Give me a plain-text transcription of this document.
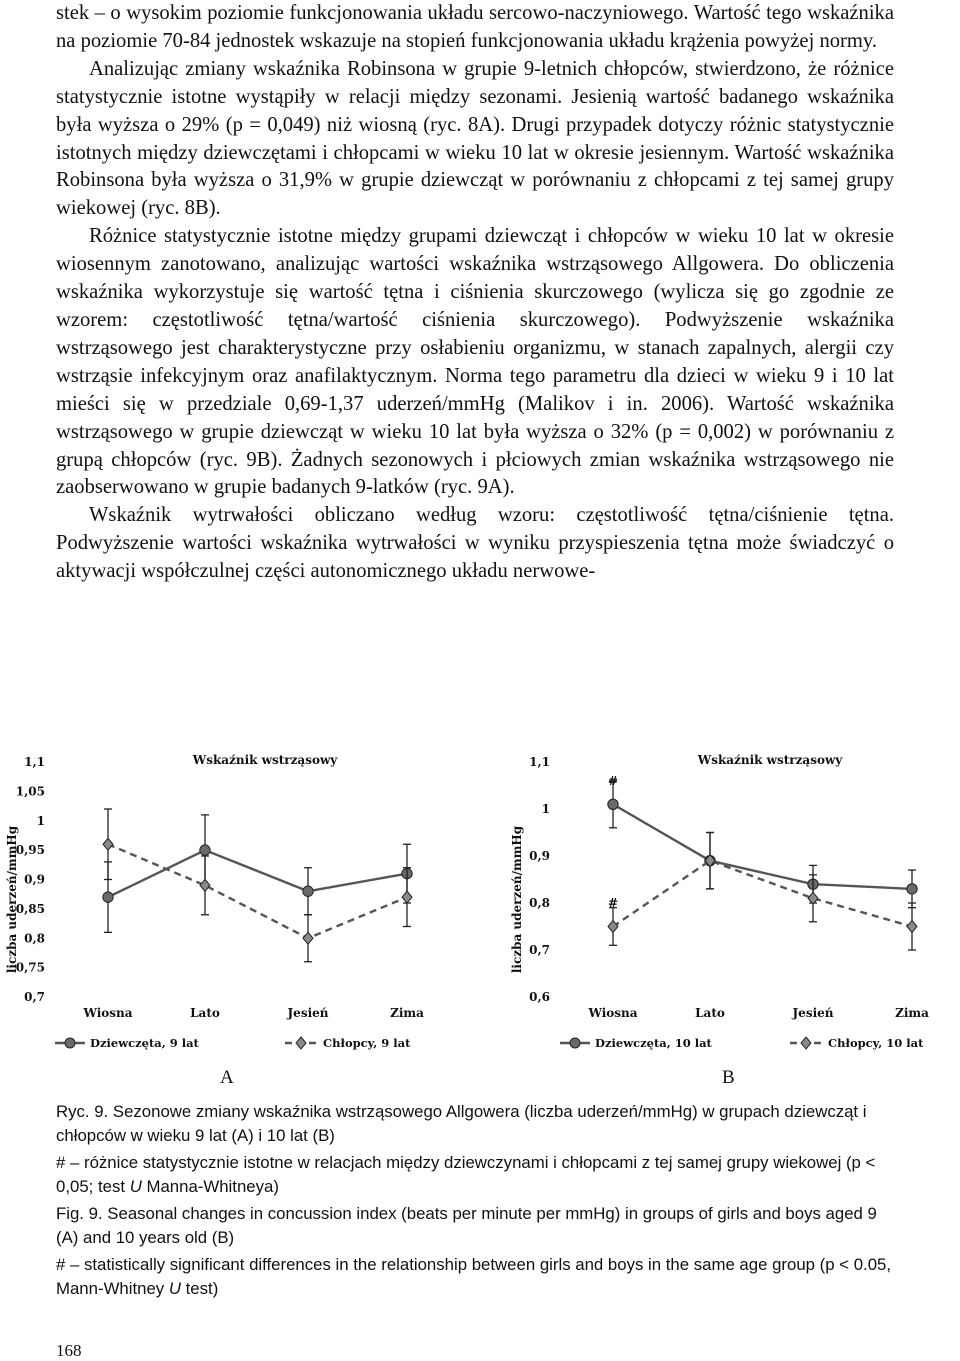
stek – o wysokim poziomie funkcjonowania układu sercowo-naczyniowego. Wartość tego wskaźnika na poziomie 70-84 jednostek wskazuje na stopień funkcjonowania układu krążenia powyżej normy.

Analizując zmiany wskaźnika Robinsona w grupie 9-letnich chłopców, stwierdzono, że różnice statystycznie istotne wystąpiły w relacji między sezonami. Jesienią wartość badanego wskaźnika była wyższa o 29% (p = 0,049) niż wiosną (ryc. 8A). Drugi przypadek dotyczy różnic statystycznie istotnych między dziewczętami i chłopcami w wieku 10 lat w okresie jesiennym. Wartość wskaźnika Robinsona była wyższa o 31,9% w grupie dziewcząt w porównaniu z chłopcami z tej samej grupy wiekowej (ryc. 8B).

Różnice statystycznie istotne między grupami dziewcząt i chłopców w wieku 10 lat w okresie wiosennym zanotowano, analizując wartości wskaźnika wstrząsowego Allgowera. Do obliczenia wskaźnika wykorzystuje się wartość tętna i ciśnienia skurczowego (wylicza się go zgodnie ze wzorem: częstotliwość tętna/wartość ciśnienia skurczowego). Podwyższenie wskaźnika wstrząsowego jest charakterystyczne przy osłabieniu organizmu, w stanach zapalnych, alergii czy wstrząsie infekcyjnym oraz anafilaktycznym. Norma tego parametru dla dzieci w wieku 9 i 10 lat mieści się w przedziale 0,69-1,37 uderzeń/mmHg (Malikov i in. 2006). Wartość wskaźnika wstrząsowego w grupie dziewcząt w wieku 10 lat była wyższa o 32% (p = 0,002) w porównaniu z grupą chłopców (ryc. 9B). Żadnych sezonowych i płciowych zmian wskaźnika wstrząsowego nie zaobserwowano w grupie badanych 9-latków (ryc. 9A).

Wskaźnik wytrwałości obliczano według wzoru: częstotliwość tętna/ciśnienie tętna. Podwyższenie wartości wskaźnika wytrwałości w wyniku przyspieszenia tętna może świadczyć o aktywacji współczulnej części autonomicznego układu nerwowe-

Wskaźnik wstrząsowy
liczba uderzeń/mmHg
1,1
1,05
1
0,95
0,9
0,85
0,8
0,75
0,7
Wiosna	Lato	Jesień	Zima
Dziewczęta, 9 lat	Chłopcy, 9 lat
Wskaźnik wstrząsowy
liczba uderzeń/mmHg
1,1
1
0,9
0,8
0,7
0,6
Wiosna	Lato	Jesień	Zima
#
#
Dziewczęta, 10 lat	Chłopcy, 10 lat
A	B

Ryc. 9. Sezonowe zmiany wskaźnika wstrząsowego Allgowera (liczba uderzeń/mmHg) w grupach dziewcząt i chłopców w wieku 9 lat (A) i 10 lat (B)

# – różnice statystycznie istotne w relacjach między dziewczynami i chłopcami z tej samej grupy wiekowej (p < 0,05; test U Manna-Whitneya)

Fig. 9. Seasonal changes in concussion index (beats per minute per mmHg) in groups of girls and boys aged 9 (A) and 10 years old (B)

# – statistically significant differences in the relationship between girls and boys in the same age group (p < 0.05, Mann-Whitney U test)

168
